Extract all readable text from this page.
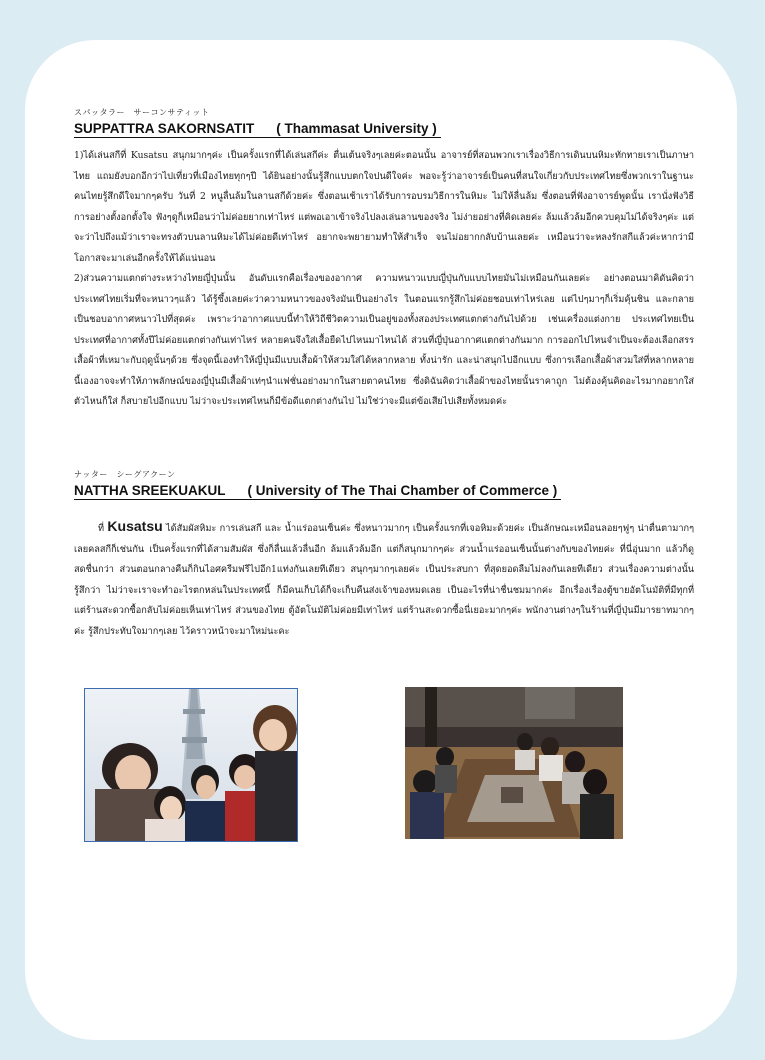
スパッタラー　サーコンサティット
SUPPATTRA SAKORNSATIT ( Thammasat University )

1)ได้เล่นสกีที่ Kusatsu สนุกมากๆค่ะ เป็นครั้งแรกที่ได้เล่นสกีค่ะ ตื่นเต้นจริงๆเลยค่ะตอนนั้น อาจารย์ที่สอนพวกเราเรื่องวิธีการเดินบนหิมะทักทายเราเป็นภาษาไทย แถมยังบอกอีกว่าไปเที่ยวที่เมืองไทยทุกๆปี ได้ยินอย่างนั้นรู้สึกแบบตกใจปนดีใจค่ะ พอจะรู้ว่าอาจารย์เป็นคนที่สนใจเกี่ยวกับประเทศไทยซึ่งพวกเราในฐานะคนไทยรู้สึกดีใจมากๆครับ วันที่ 2 หนูลื่นล้มในลานสกีด้วยค่ะ ซึ่งตอนเช้าเราได้รับการอบรมวิธีการในหิมะ ไม่ให้ลื่นล้ม ซึ่งตอนที่ฟังอาจารย์พูดนั้น เรานั่งฟังวิธีการอย่างตั้งอกตั้งใจ ฟังๆดูก็เหมือนว่าไม่ค่อยยากเท่าไหร่ แต่พอเอาเข้าจริงไปลงเล่นลานของจริง ไม่ง่ายอย่างที่คิดเลยค่ะ ล้มแล้วล้มอีกควบคุมไม่ได้จริงๆค่ะ แต่จะว่าไปถึงแม้ว่าเราจะทรงตัวบนลานหิมะได้ไม่ค่อยดีเท่าไหร่ อยากจะพยายามทำให้สำเร็จ จนไม่อยากกลับบ้านเลยค่ะ เหมือนว่าจะหลงรักสกีแล้วค่ะหากว่ามีโอกาสจะมาเล่นอีกครั้งให้ได้แน่นอน

2)ส่วนความแตกต่างระหว่างไทยญี่ปุ่นนั้น อันดับแรกคือเรื่องของอากาศ ความหนาวแบบญี่ปุ่นกับแบบไทยมันไม่เหมือนกันเลยค่ะ อย่างตอนมาคิดันคิดว่าประเทศไทยเริ่มที่จะหนาวๆแล้ว ได้รู้ซึ้งเลยค่ะว่าความหนาวของจริงมันเป็นอย่างไร ในตอนแรกรู้สึกไม่ค่อยชอบเท่าไหร่เลย แต่ไปๆมาๆก็เริ่มคุ้นชิน และกลายเป็นชอบอากาศหนาวไปที่สุดค่ะ เพราะว่าอากาศแบบนี้ทำให้วิถีชีวิตความเป็นอยู่ของทั้งสองประเทศแตกต่างกันไปด้วย เช่นเครื่องแต่งกาย ประเทศไทยเป็นประเทศที่อากาศทั้งปีไม่ค่อยแตกต่างกันเท่าไหร่ หลายคนจึงใส่เสื้อยืดไปไหนมาไหนได้ ส่วนที่ญี่ปุ่นอากาศแตกต่างกันมาก การออกไปไหนจำเป็นจะต้องเลือกสรรเสื้อผ้าที่เหมาะกับฤดูนั้นๆด้วย ซึ่งจุดนี้เองทำให้ญี่ปุ่นมีแบบเสื้อผ้าให้สวมใส่ได้หลากหลาย ทั้งน่ารัก และน่าสนุกไปอีกแบบ ซึ่งการเลือกเสื้อผ้าสวมใส่ที่หลากหลายนี้เองอาจจะทำให้ภาพลักษณ์ของญี่ปุ่นมีเสื้อผ้าเท่ๆนำแฟชั่นอย่างมากในสายตาคนไทย ซึ่งดิฉันคิดว่าเสื้อผ้าของไทยนั้นราคาถูก ไม่ต้องคุ้นคิดอะไรมากอยากใส่ตัวไหนก็ใส่ ก็สบายไปอีกแบบ ไม่ว่าจะประเทศไหนก็มีข้อดีแตกต่างกันไป ไม่ใช่ว่าจะมีแต่ข้อเสียไปเสียทั้งหมดค่ะ

ナッター　シーグアクーン
NATTHA SREEKUAKUL ( University of The Thai Chamber of Commerce )

ที่ Kusatsu ได้สัมผัสหิมะ การเล่นสกี และ น้ำแร่ออนเซ็นค่ะ ซึ่งหนาวมากๆ เป็นครั้งแรกที่เจอหิมะด้วยค่ะ เป็นลักษณะเหมือนลอยๆฟูๆ น่าตื่นตามากๆ เลยคลสกีก็เช่นกัน เป็นครั้งแรกที่ได้สามสัมผัส ซึ่งก็ลื่นแล้วลื่นอีก ล้มแล้วล้มอีก แต่ก็สนุกมากๆค่ะ ส่วนน้ำแร่ออนเซ็นนั้นต่างกับของไทยค่ะ ที่นี่อุ่นมาก แล้วก็ดูสดชื่นกว่า ส่วนตอนกลางคืนก็กินไอศครีมฟรีไปอีก1แท่งกันเลยทีเดียว สนุกๆมากๆเลยค่ะ เป็นประสบกา ที่สุดยอดลืมไม่ลงกันเลยทีเดียว ส่วนเรื่องความต่างนั้น รู้สึกว่า ไม่ว่าจะเราจะทำอะไรตกหล่นในประเทศนี้ ก็มีคนเก็บได้ก็จะเก็บคืนส่งเจ้าของหมดเลย เป็นอะไรที่น่าชื่นชมมากค่ะ อีกเรื่องเรื่องตู้ขายอัตโนมัติที่มีทุกที่ แต่ร้านสะดวกซื้อกลับไม่ค่อยเห็นเท่าไหร่ ส่วนของไทย ตู้อัตโนมัติไม่ค่อยมีเท่าไหร่ แต่ร้านสะดวกซื้อนี่เยอะมากๆค่ะ พนักงานต่างๆในร้านที่ญี่ปุ่นมีมารยาทมากๆค่ะ รู้สึกประทับใจมากๆเลย ไว้คราวหน้าจะมาใหม่นะคะ
